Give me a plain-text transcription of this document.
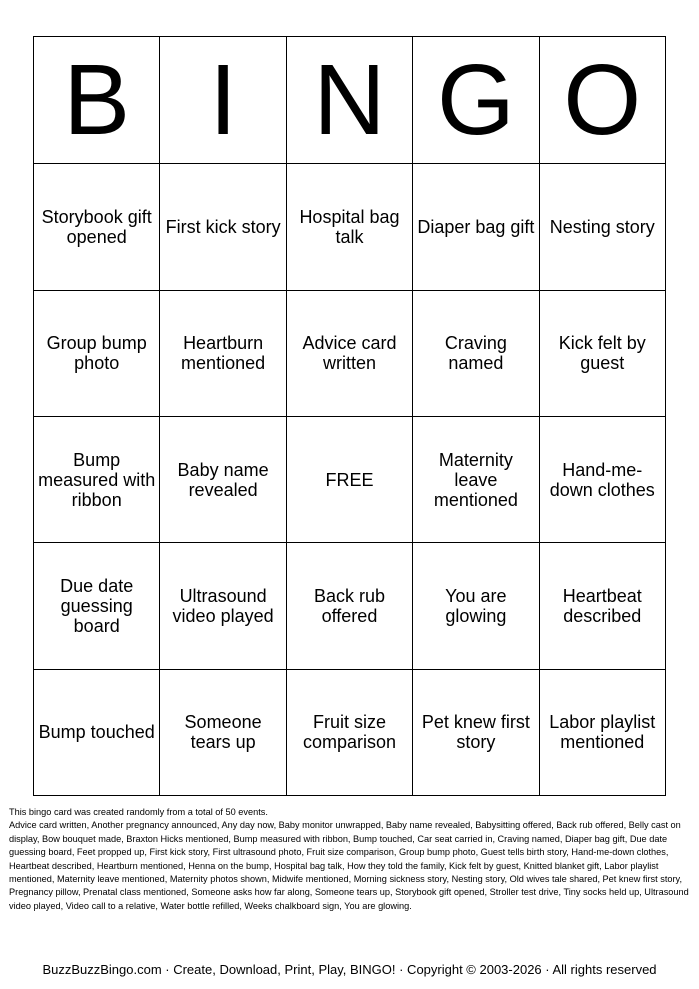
B	I	N	G	O
Storybook gift opened	First kick story	Hospital bag talk	Diaper bag gift	Nesting story
Group bump photo	Heartburn mentioned	Advice card written	Craving named	Kick felt by guest
Bump measured with ribbon	Baby name revealed	FREE	Maternity leave mentioned	Hand-me-down clothes
Due date guessing board	Ultrasound video played	Back rub offered	You are glowing	Heartbeat described
Bump touched	Someone tears up	Fruit size comparison	Pet knew first story	Labor playlist mentioned
This bingo card was created randomly from a total of 50 events.
Advice card written, Another pregnancy announced, Any day now, Baby monitor unwrapped, Baby name revealed, Babysitting offered, Back rub offered, Belly cast on display, Bow bouquet made, Braxton Hicks mentioned, Bump measured with ribbon, Bump touched, Car seat carried in, Craving named, Diaper bag gift, Due date guessing board, Feet propped up, First kick story, First ultrasound photo, Fruit size comparison, Group bump photo, Guest tells birth story, Hand-me-down clothes, Heartbeat described, Heartburn mentioned, Henna on the bump, Hospital bag talk, How they told the family, Kick felt by guest, Knitted blanket gift, Labor playlist mentioned, Maternity leave mentioned, Maternity photos shown, Midwife mentioned, Morning sickness story, Nesting story, Old wives tale shared, Pet knew first story, Pregnancy pillow, Prenatal class mentioned, Someone asks how far along, Someone tears up, Storybook gift opened, Stroller test drive, Tiny socks held up, Ultrasound video played, Video call to a relative, Water bottle refilled, Weeks chalkboard sign, You are glowing.
BuzzBuzzBingo.com · Create, Download, Print, Play, BINGO! · Copyright © 2003-2026 · All rights reserved
